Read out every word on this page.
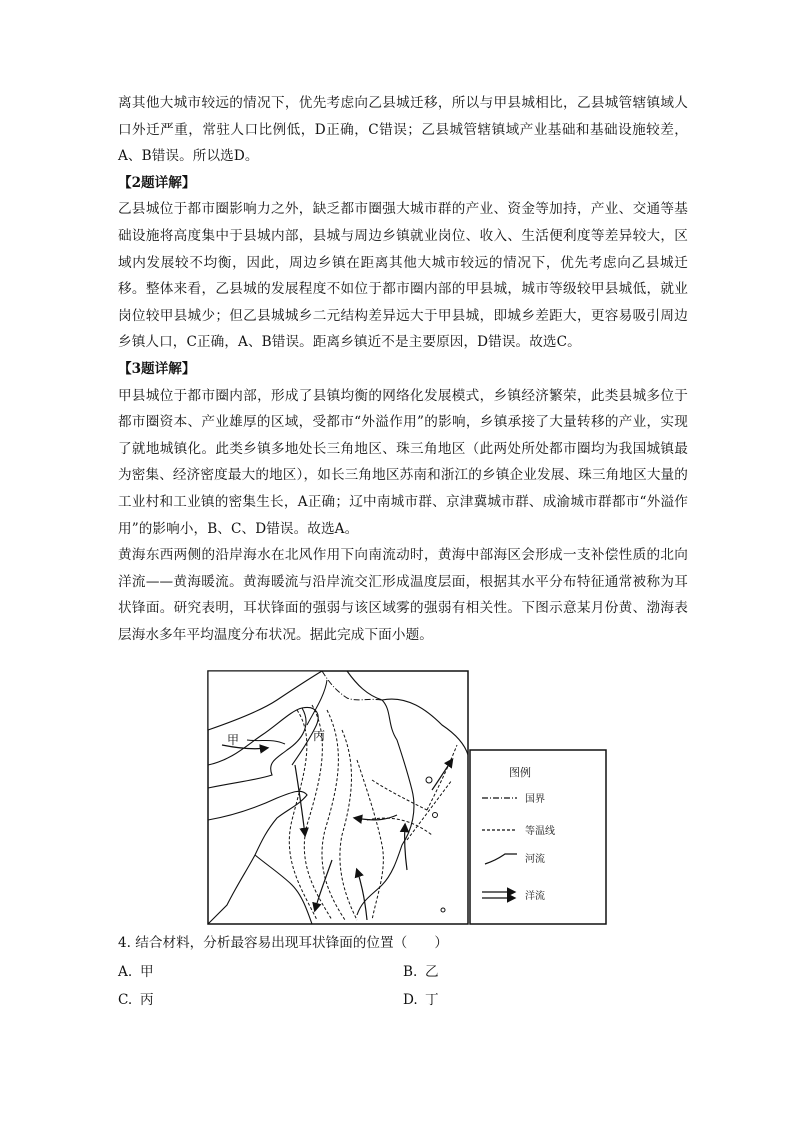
离其他大城市较远的情况下，优先考虑向乙县城迁移，所以与甲县城相比，乙县城管辖镇域人口外迁严重，常驻人口比例低，D正确，C错误；乙县城管辖镇域产业基础和基础设施较差，A、B错误。所以选D。

【2题详解】

乙县城位于都市圈影响力之外，缺乏都市圈强大城市群的产业、资金等加持，产业、交通等基础设施将高度集中于县城内部，县城与周边乡镇就业岗位、收入、生活便利度等差异较大，区域内发展较不均衡，因此，周边乡镇在距离其他大城市较远的情况下，优先考虑向乙县城迁移。整体来看，乙县城的发展程度不如位于都市圈内部的甲县城，城市等级较甲县城低，就业岗位较甲县城少；但乙县城城乡二元结构差异远大于甲县城，即城乡差距大，更容易吸引周边乡镇人口，C正确，A、B错误。距离乡镇近不是主要原因，D错误。故选C。

【3题详解】

甲县城位于都市圈内部，形成了县镇均衡的网络化发展模式，乡镇经济繁荣，此类县城多位于都市圈资本、产业雄厚的区域，受都市“外溢作用”的影响，乡镇承接了大量转移的产业，实现了就地城镇化。此类乡镇多地处长三角地区、珠三角地区（此两处所处都市圈均为我国城镇最为密集、经济密度最大的地区），如长三角地区苏南和浙江的乡镇企业发展、珠三角地区大量的工业村和工业镇的密集生长，A正确；辽中南城市群、京津冀城市群、成渝城市群都市“外溢作用”的影响小，B、C、D错误。故选A。

黄海东西两侧的沿岸海水在北风作用下向南流动时，黄海中部海区会形成一支补偿性质的北向洋流——黄海暖流。黄海暖流与沿岸流交汇形成温度层面，根据其水平分布特征通常被称为耳状锋面。研究表明，耳状锋面的强弱与该区域雾的强弱有相关性。下图示意某月份黄、渤海表层海水多年平均温度分布状况。据此完成下面小题。

甲	丙
图例
国界
等温线
河流
洋流
4. 结合材料，分析最容易出现耳状锋面的位置（　　）
A. 甲	B. 乙
C. 丙	D. 丁
